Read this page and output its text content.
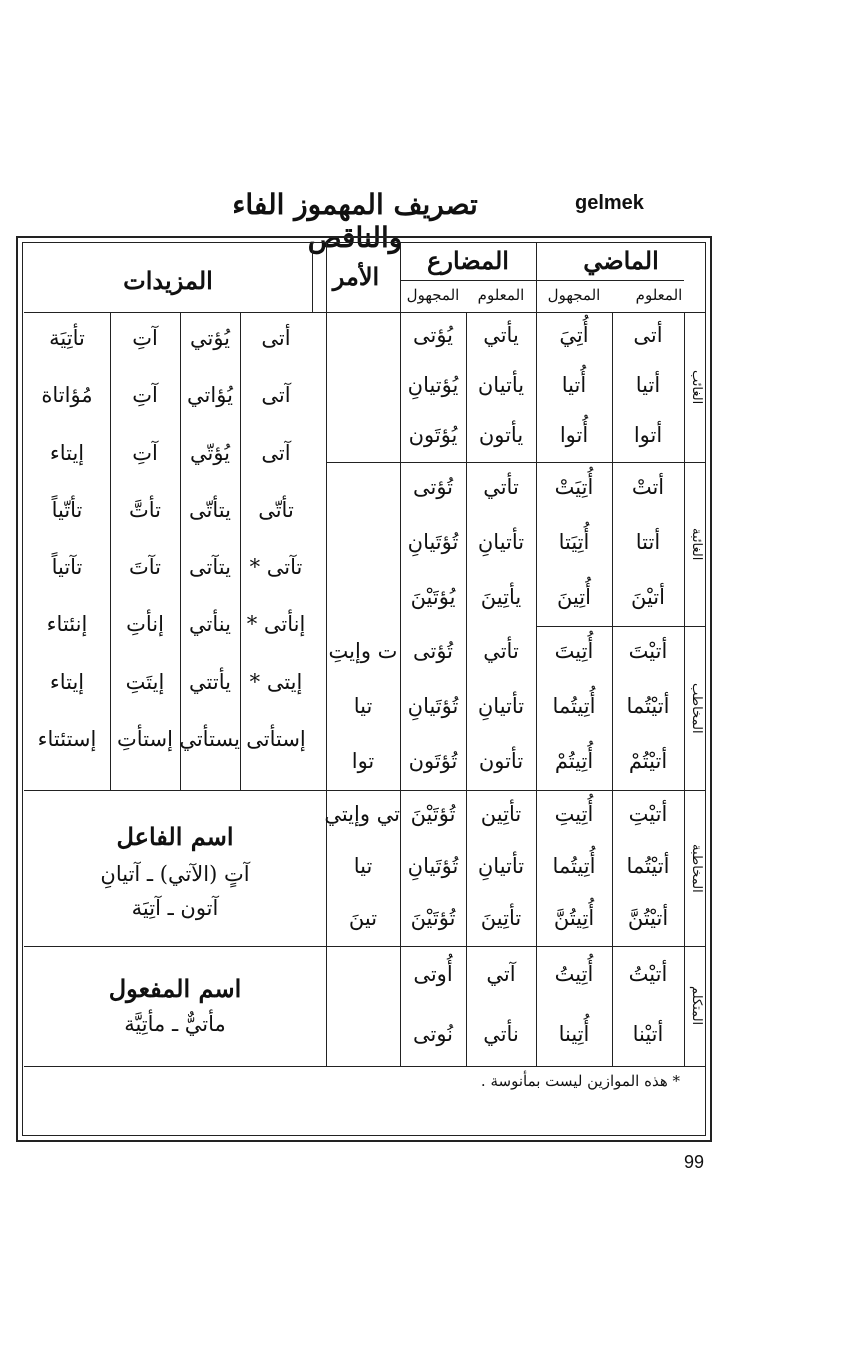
تصريف المهموز الفاء والناقص
gelmek
99
الماضي
المضارع
الأمر
المزيدات	المعلوم
المجهول
المعلوم
المجهول
الغائب
الغائبة
المخاطب
المخاطبة
المتكلم
أتى
أتيا
أتوا
أُتِيَ
أُتيا
أُتوا
يأتي
يأتيان
يأتون
يُؤتى
يُؤتيانِ
يُؤتَون
أتتْ
أتتا
أتيْنَ
أُتِيَتْ
أُتِيَتا
أُتِينَ
تأتي
تأتيانِ
يأتِينَ
تُؤتى
تُؤتَيانِ
يُؤتَيْنَ
أتيْتَ
أتيْتُما
أتيْتُمْ
أُتِيتَ
أُتِيتُما
أُتِيتُمْ
تأتي
تأتيانِ
تأتون
تُؤتى
تُؤتَيانِ
تُؤتَون
ت وإيتِ
تيا
توا
أتيْتِ
أتيْتُما
أتيْتُنَّ
أُتِيتِ
أُتِيتُما
أُتِيتُنَّ
تأتِين
تأتيانِ
تأتِينَ
تُؤتَيْنَ
تُؤتَيانِ
تُؤتَيْنَ
تي وإيتي
تيا
تينَ
أتيْتُ
أتيْنا
أُتِيتُ
أُتِينا
آتي
نأتي
أُوتى
نُوتى
أتى
آتى
آتى
تأتّى
تآتى *
إنأتى *
إيتى *
إستأتى
يُؤتي
يُؤاتي
يُؤتّي
يتأتّى
يتآتى
ينأتي
يأتتي
يستأتي
آتِ
آتِ
آتِ
تأتَّ
تآتَ
إنأتِ
إيتَتِ
إستأتِ
تأتِيَة
مُؤاتاة
إيتاء
تأتّياً
تآتياً
إنئتاء
إيتاء
إستئتاء
اسم الفاعل
آتٍ (الآتي) ـ آتيانِ
آتون ـ آتِيَة
اسم المفعول
مأتيٌّ ـ مأتِيَّة
* هذه الموازين ليست بمأنوسة .
